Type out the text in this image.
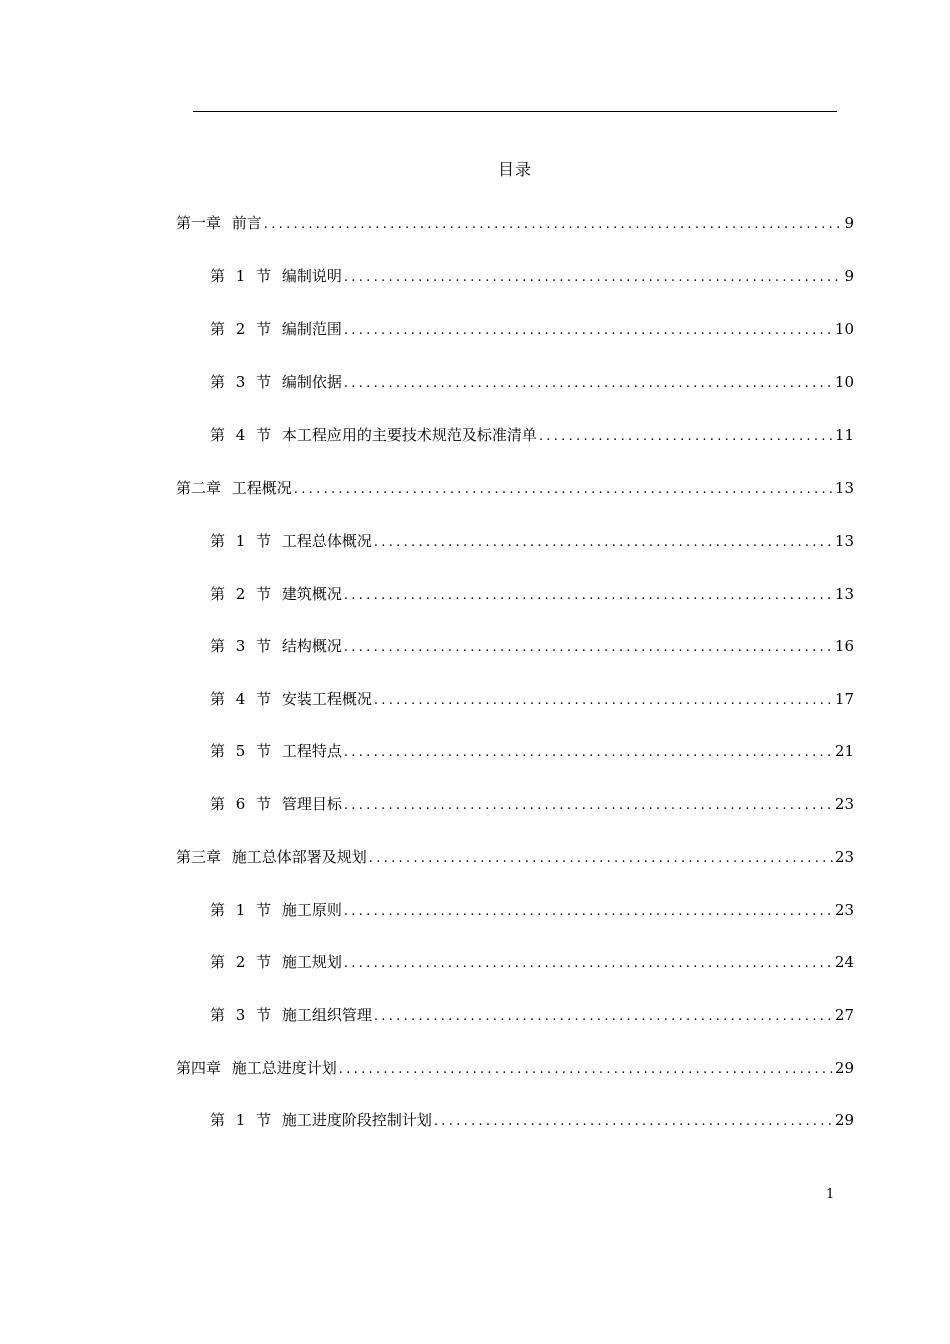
目录
第一章 前言 .....	9
第 1 节 编制说明 .....	9
第 2 节 编制范围 .....	10
第 3 节 编制依据 .....	10
第 4 节 本工程应用的主要技术规范及标准清单 .....	11
第二章 工程概况 .....	13
第 1 节 工程总体概况 .....	13
第 2 节 建筑概况 .....	13
第 3 节 结构概况 .....	16
第 4 节 安装工程概况 .....	17
第 5 节 工程特点 .....	21
第 6 节 管理目标 .....	23
第三章 施工总体部署及规划 .....	23
第 1 节 施工原则 .....	23
第 2 节 施工规划 .....	24
第 3 节 施工组织管理 .....	27
第四章 施工总进度计划 .....	29
第 1 节 施工进度阶段控制计划 .....	29
1
